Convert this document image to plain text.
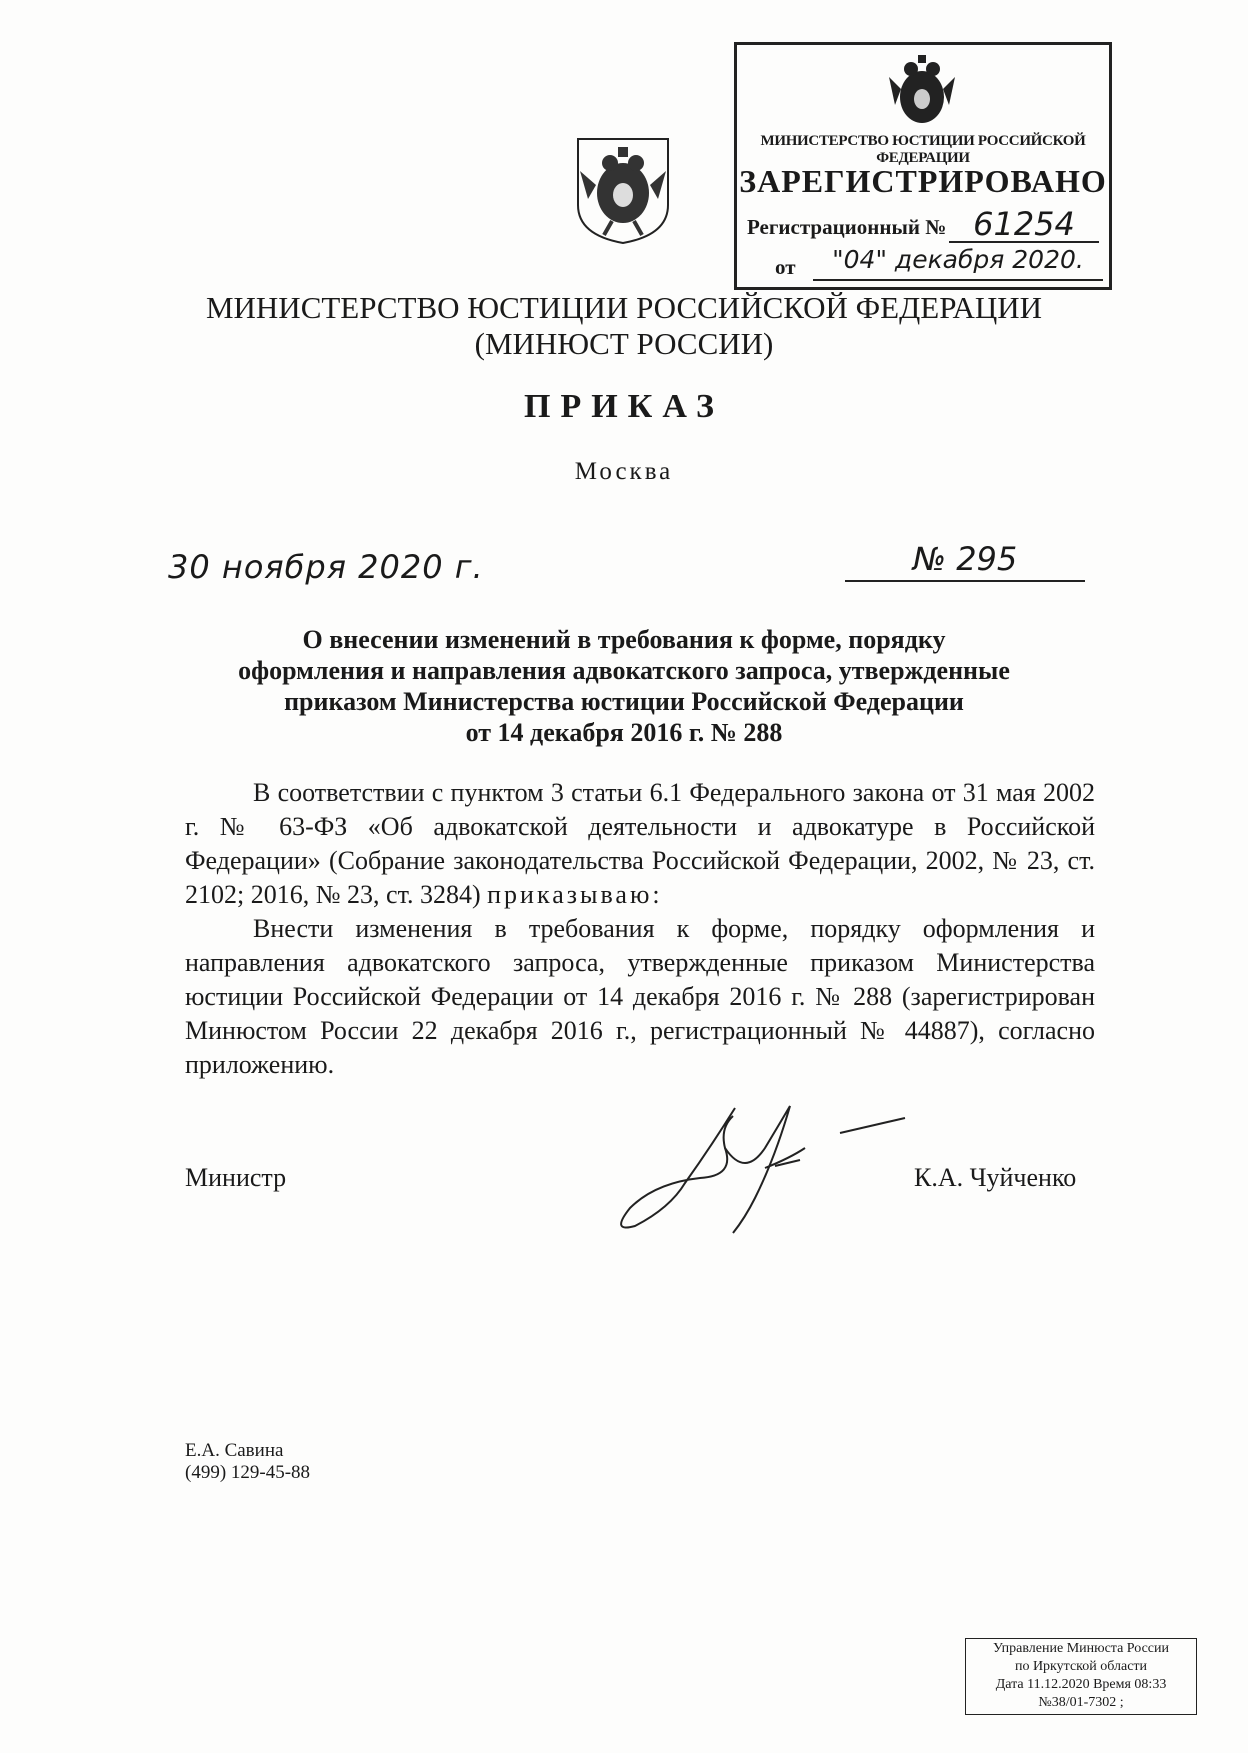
МИНИСТЕРСТВО ЮСТИЦИИ РОССИЙСКОЙ ФЕДЕРАЦИИ
ЗАРЕГИСТРИРОВАНО
Регистрационный № 61254
от	"04" декабря 2020.
МИНИСТЕРСТВО ЮСТИЦИИ РОССИЙСКОЙ ФЕДЕРАЦИИ
(МИНЮСТ РОССИИ)
ПРИКАЗ
Москва
30 ноября 2020 г.	№ 295
О внесении изменений в требования к форме, порядку
оформления и направления адвокатского запроса, утвержденные
приказом Министерства юстиции Российской Федерации
от 14 декабря 2016 г. № 288

В соответствии с пунктом 3 статьи 6.1 Федерального закона от 31 мая 2002 г. № 63-ФЗ «Об адвокатской деятельности и адвокатуре в Российской Федерации» (Собрание законодательства Российской Федерации, 2002, № 23, ст. 2102; 2016, № 23, ст. 3284) приказываю:

Внести изменения в требования к форме, порядку оформления и направления адвокатского запроса, утвержденные приказом Министерства юстиции Российской Федерации от 14 декабря 2016 г. № 288 (зарегистрирован Минюстом России 22 декабря 2016 г., регистрационный № 44887), согласно приложению.

Министр	К.А. Чуйченко
Е.А. Савина
(499) 129-45-88
Управление Минюста России
по Иркутской области
Дата 11.12.2020 Время 08:33
№38/01-7302 ;
